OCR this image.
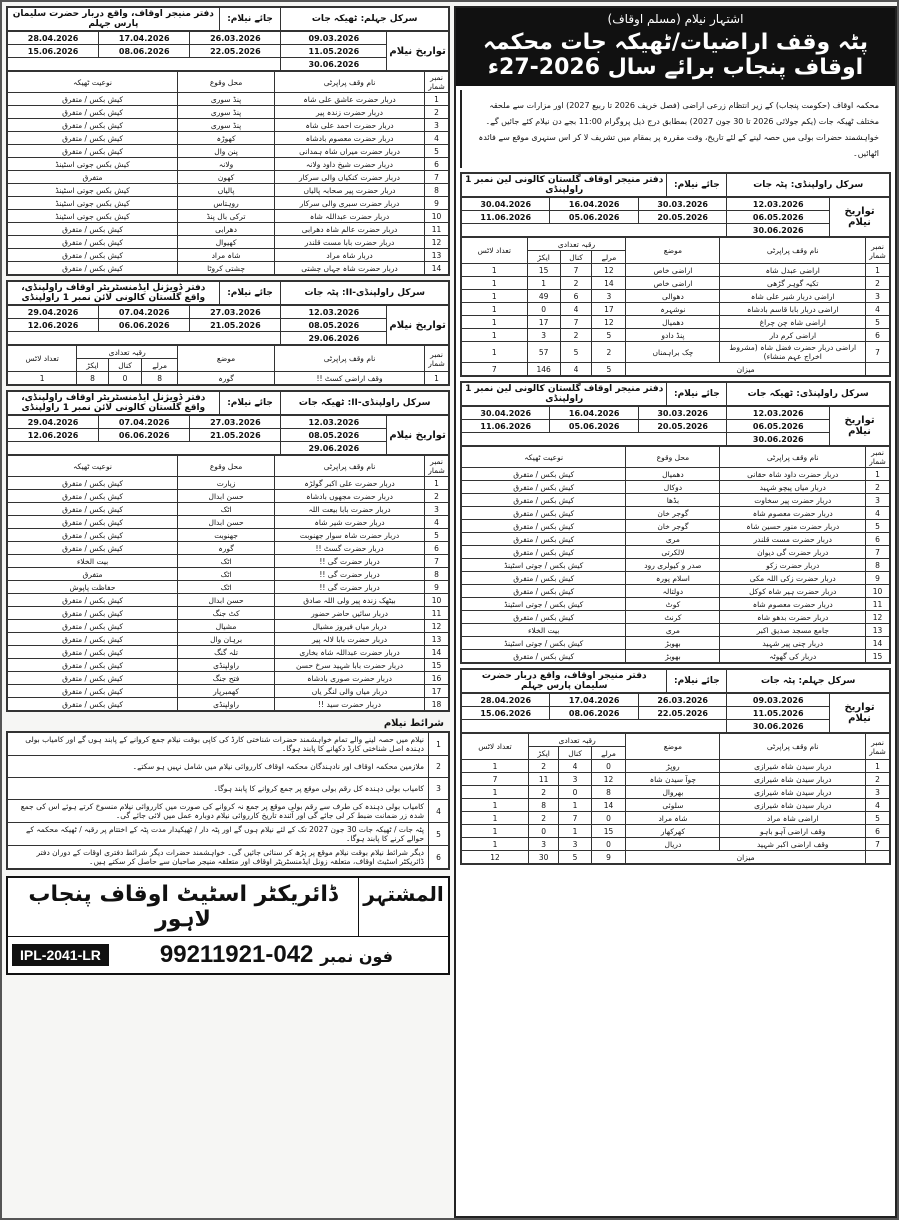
سرکل جہلم: ٹھیکہ جات	جائے نیلام:	دفتر منیجر اوقاف، واقع دربار حضرت سلیمان پارس جہلم
تواریخ نیلام	09.03.2026	26.03.2026	17.04.2026	28.04.2026
	11.05.2026	22.05.2026	08.06.2026	15.06.2026
	30.06.2026			
نمبر شمار	نام وقف پراپرٹی	محل وقوع	نوعیت ٹھیکہ
1	دربار حضرت عاشق علی شاہ	پنڈ سوری	کیش بکس / متفرق
2	دربار حضرت زندہ پیر	پنڈ سوری	کیش بکس / متفرق
3	دربار حضرت احمد علی شاہ	پنڈ سوری	کیش بکس / متفرق
4	دربار حضرت معصوم بادشاہ	کھوڑہ	کیش بکس / متفرق
5	دربار حضرت میراں شاہ ہمدانی	پنن وال	کیش بکس / متفرق
6	دربار حضرت شیخ داود ولانہ	ولانہ	کیش بکس جوتی اسٹینڈ
7	دربار حضرت کنکیاں والی سرکار	کھون	متفرق
8	دربار حضرت پیر صحابہ پالیاں	پالیاں	کیش بکس جوتی اسٹینڈ
9	دربار حضرت سبری والی سرکار	روہتاس	کیش بکس جوتی اسٹینڈ
10	دربار حضرت عبداللہ شاہ	ترکی بال پنڈ	کیش بکس جوتی اسٹینڈ
11	دربار حضرت عالم شاہ دھرابی	دھرابی	کیش بکس / متفرق
12	دربار حضرت بابا مست قلندر	کھیوال	کیش بکس / متفرق
13	دربار شاہ مراد	شاہ مراد	کیش بکس / متفرق
14	دربار حضرت شاہ جہاں چشتی	چشتی کروٹا	کیش بکس / متفرق
سرکل راولپنڈی-II: پٹہ جات	جائے نیلام:	دفتر ڈویژنل ایڈمنسٹریٹر اوقاف راولپنڈی، واقع گلستان کالونی لائن نمبر 1 راولپنڈی
تواریخ نیلام	12.03.2026	27.03.2026	07.04.2026	29.04.2026
	08.05.2026	21.05.2026	06.06.2026	12.06.2026
	29.06.2026			
نمبر شمار	نام وقف پراپرٹی	موضع	رقبہ تعدادی			تعداد لاٹس
			مرلے	کنال	ایکڑ	
1	وقف اراضی کسٹ !!	گورہ	8	0	8	1
سرکل راولپنڈی-II: ٹھیکہ جات	جائے نیلام:	دفتر ڈویژنل ایڈمنسٹریٹر اوقاف راولپنڈی، واقع گلستان کالونی لائن نمبر 1 راولپنڈی
تواریخ نیلام	12.03.2026	27.03.2026	07.04.2026	29.04.2026
	08.05.2026	21.05.2026	06.06.2026	12.06.2026
	29.06.2026			
نمبر شمار	نام وقف پراپرٹی	محل وقوع	نوعیت ٹھیکہ
1	دربار حضرت علی اکبر گولڑہ	زیارت	کیش بکس / متفرق
2	دربار حضرت مجھوں بادشاہ	حسن ابدال	کیش بکس / متفرق
3	دربار حضرت بابا بیعت اللہ	اٹک	کیش بکس / متفرق
4	دربار حضرت شیر شاہ	حسن ابدال	کیش بکس / متفرق
5	دربار حضرت شاہ سوار جھنوبت	جھنوبت	کیش بکس / متفرق
6	دربار حضرت گسٹ !!	گورہ	کیش بکس / متفرق
7	دربار حضرت گی !!	اٹک	بیت الخلاء
8	دربار حضرت گی !!	اٹک	متفرق
9	دربار حضرت گی !!	اٹک	حفاظت پاپوش
10	بیٹھک زندہ پیر ولی اللہ صادق	حسن ابدال	کیش بکس / متفرق
11	دربار سائیں حاضر حضور	کٹ جنگ	کیش بکس / متفرق
12	دربار میاں فیروز مشیال	مشیال	کیش بکس / متفرق
13	دربار حضرت بابا لالہ پیر	برہان وال	کیش بکس / متفرق
14	دربار حضرت عبداللہ شاہ بخاری	تلہ گنگ	کیش بکس / متفرق
15	دربار حضرت بابا شہید سرخ حسن	راولپنڈی	کیش بکس / متفرق
16	دربار حضرت صوری بادشاہ	فتح جنگ	کیش بکس / متفرق
17	دربار میاں والی لنگر یاں	کھمبرپار	کیش بکس / متفرق
18	دربار حضرت سید !!	راولپنڈی	کیش بکس / متفرق
شرائط نیلام
1	نیلام میں حصہ لینے والے تمام خواہشمند حضرات شناختی کارڈ کی کاپی بوقت نیلام جمع کروانے کے پابند ہوں گے اور کامیاب بولی دہندہ اصل شناختی کارڈ دکھانے کا پابند ہوگا۔
2	ملازمین محکمہ اوقاف اور نادہندگان محکمہ اوقاف کارروائی نیلام میں شامل نہیں ہو سکتے۔
3	کامیاب بولی دہندہ کل رقم بولی موقع پر جمع کروانے کا پابند ہوگا۔
4	کامیاب بولی دہندہ کی طرف سے رقم بولی موقع پر جمع نہ کروانے کی صورت میں کارروائی نیلام منسوخ کرتے ہوئے اس کی جمع شدہ زر ضمانت ضبط کر لی جائے گی اور آئندہ تاریخ کارروائی نیلام دوبارہ عمل میں لائی جائے گی۔
5	پٹہ جات / ٹھیکہ جات 30 جون 2027 تک کے لئے نیلام ہوں گے اور پٹہ دار / ٹھیکیدار مدت پٹہ کے اختتام پر رقبہ / ٹھیکہ محکمہ کے حوالے کرنے کا پابند ہوگا۔
6	دیگر شرائط نیلام بوقت نیلام موقع پر پڑھ کر سنائی جائیں گی۔ خواہشمند حضرات دیگر شرائط دفتری اوقات کے دوران دفتر ڈائریکٹر اسٹیٹ اوقاف، متعلقہ زونل ایڈمنسٹریٹر اوقاف اور متعلقہ منیجر صاحبان سے حاصل کر سکتے ہیں۔
المشتہر
ڈائریکٹر اسٹیٹ اوقاف پنجاب لاہور
IPL-2041-LR	فون نمبر 042-99211921
اشتہار نیلام (مسلم اوقاف)
پٹہ وقف اراضیات/ٹھیکہ جات محکمہ اوقاف پنجاب برائے سال 2026-27ء
محکمہ اوقاف (حکومت پنجاب) کے زیر انتظام زرعی اراضی (فصل خریف 2026 تا ربیع 2027) اور مزارات سے ملحقہ مختلف ٹھیکہ جات (یکم جولائی 2026 تا 30 جون 2027) بمطابق درج ذیل پروگرام 11:00 بجے دن نیلام کئے جائیں گے۔ خواہشمند حضرات بولی میں حصہ لینے کے لئے تاریخ، وقت مقررہ پر بمقام میں تشریف لا کر اس سنہری موقع سے فائدہ اٹھائیں۔
سرکل راولپنڈی: پٹہ جات	جائے نیلام:	دفتر منیجر اوقاف گلستان کالونی لین نمبر 1 راولپنڈی
تواریخ نیلام	12.03.2026	30.03.2026	16.04.2026	30.04.2026
	06.05.2026	20.05.2026	05.06.2026	11.06.2026
	30.06.2026			
نمبر شمار	نام وقف پراپرٹی	موضع	رقبہ تعدادی			تعداد لاٹس
			مرلے	کنال	ایکڑ	
1	اراضی عبدل شاہ	اراضی خاص	12	7	15	1
2	تکیہ گوہر گڑھی	اراضی خاص	14	2	1	1
3	اراضی دربار شیر علی شاہ	دھوالی	3	6	49	1
4	اراضی دربار بابا قاسم بادشاہ	نوشہرہ	17	4	0	1
5	اراضی شاہ چن چراغ	دھمیال	12	7	17	1
6	اراضی کرم دار	پنڈ دادو	5	2	3	1
7	اراضی دربار حضرت فضل شاہ (مشروط اخراج عہم منشاء)	چک براہمناں	2	5	57	1
	میزان		5	4	146	7
سرکل راولپنڈی: ٹھیکہ جات	جائے نیلام:	دفتر منیجر اوقاف گلستان کالونی لین نمبر 1 راولپنڈی
تواریخ نیلام	12.03.2026	30.03.2026	16.04.2026	30.04.2026
	06.05.2026	20.05.2026	05.06.2026	11.06.2026
	30.06.2026			
نمبر شمار	نام وقف پراپرٹی	محل وقوع	نوعیت ٹھیکہ
1	دربار حضرت داود شاہ حقانی	دھمیال	کیش بکس / متفرق
2	دربار میاں پیچو شہید	دوکال	کیش بکس / متفرق
3	دربار حضرت پیر سخاوت	بڈھا	کیش بکس / متفرق
4	دربار حضرت معصوم شاہ	گوجر خان	کیش بکس / متفرق
5	دربار حضرت منور حسین شاہ	گوجر خان	کیش بکس / متفرق
6	دربار حضرت مست قلندر	مری	کیش بکس / متفرق
7	دربار حضرت گی دیوان	لالکرتی	کیش بکس / متفرق
8	دربار حضرت زکو	صدر و کیولری رود	کیش بکس / جوتی اسٹینڈ
9	دربار حضرت زکی اللہ مکی	اسلام پورہ	کیش بکس / متفرق
10	دربار حضرت ہیر شاہ کوکل	دولتالہ	کیش بکس / متفرق
11	دربار حضرت معصوم شاہ	کوٹ	کیش بکس / جوتی اسٹینڈ
12	دربار حضرت بدھو شاہ	کرنٹ	کیش بکس / متفرق
13	جامع مسجد صدیق اکبر	مری	بیت الخلاء
14	دربار چنی پیر شہید	بھوبڑ	کیش بکس / جوتی اسٹینڈ
15	دربار کی گھوٹہ	بھوبڑ	کیش بکس / متفرق
سرکل جہلم: پٹہ جات	جائے نیلام:	دفتر منیجر اوقاف، واقع دربار حضرت سلیمان پارس جہلم
تواریخ نیلام	09.03.2026	26.03.2026	17.04.2026	28.04.2026
	11.05.2026	22.05.2026	08.06.2026	15.06.2026
	30.06.2026			
نمبر شمار	نام وقف پراپرٹی	موضع	رقبہ تعدادی			تعداد لاٹس
			مرلے	کنال	ایکڑ	
1	دربار سیدن شاہ شیرازی	روپڑ	0	4	2	1
2	دربار سیدن شاہ شیرازی	چوآ سیدن شاہ	12	3	11	7
3	دربار سیدن شاہ شیرازی	بھروال	8	0	2	1
4	دربار سیدن شاہ شیرازی	سلوئی	14	1	8	1
5	اراضی شاہ مراد	شاہ مراد	0	7	2	1
6	وقف اراضی آہو باہو	کھرکھار	15	1	0	1
7	وقف اراضی اکبر شہید	دریال	0	3	3	1
	میزان		9	5	30	12
